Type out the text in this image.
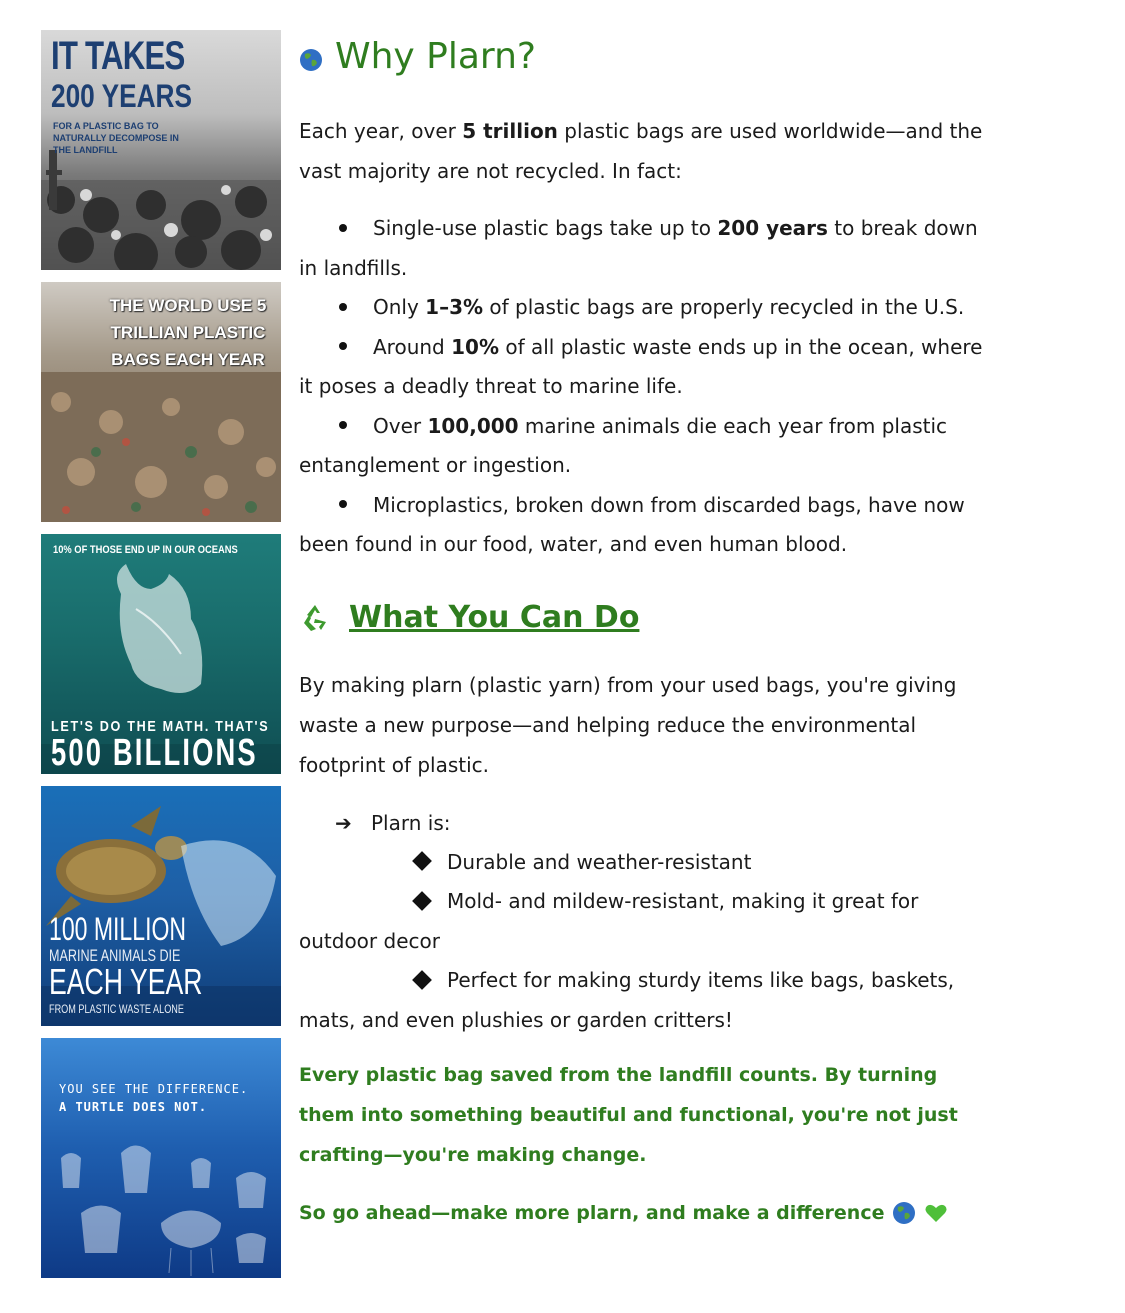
IT TAKES

200 YEARS

FOR A PLASTIC BAG TO NATURALLY DECOMPOSE IN THE LANDFILL

THE WORLD USE 5 TRILLIAN PLASTIC BAGS EACH YEAR

10% OF THOSE END UP IN OUR OCEANS

LET'S DO THE MATH. THAT'S

500 BILLIONS

100 MILLION

MARINE ANIMALS DIE

EACH YEAR

FROM PLASTIC WASTE ALONE

YOU SEE THE DIFFERENCE.

A TURTLE DOES NOT.

Why Plarn?

Each year, over 5 trillion plastic bags are used worldwide—and the vast majority are not recycled. In fact:

Single-use plastic bags take up to 200 years to break down in landfills.
Only 1–3% of plastic bags are properly recycled in the U.S.
Around 10% of all plastic waste ends up in the ocean, where it poses a deadly threat to marine life.
Over 100,000 marine animals die each year from plastic entanglement or ingestion.
Microplastics, broken down from discarded bags, have now been found in our food, water, and even human blood.
What You Can Do

By making plarn (plastic yarn) from your used bags, you're giving waste a new purpose—and helping reduce the environmental footprint of plastic.

➔ Plarn is:
Durable and weather-resistant
Mold- and mildew-resistant, making it great for outdoor decor
Perfect for making sturdy items like bags, baskets, mats, and even plushies or garden critters!

Every plastic bag saved from the landfill counts. By turning them into something beautiful and functional, you're not just crafting—you're making change.

So go ahead—make more plarn, and make a difference
